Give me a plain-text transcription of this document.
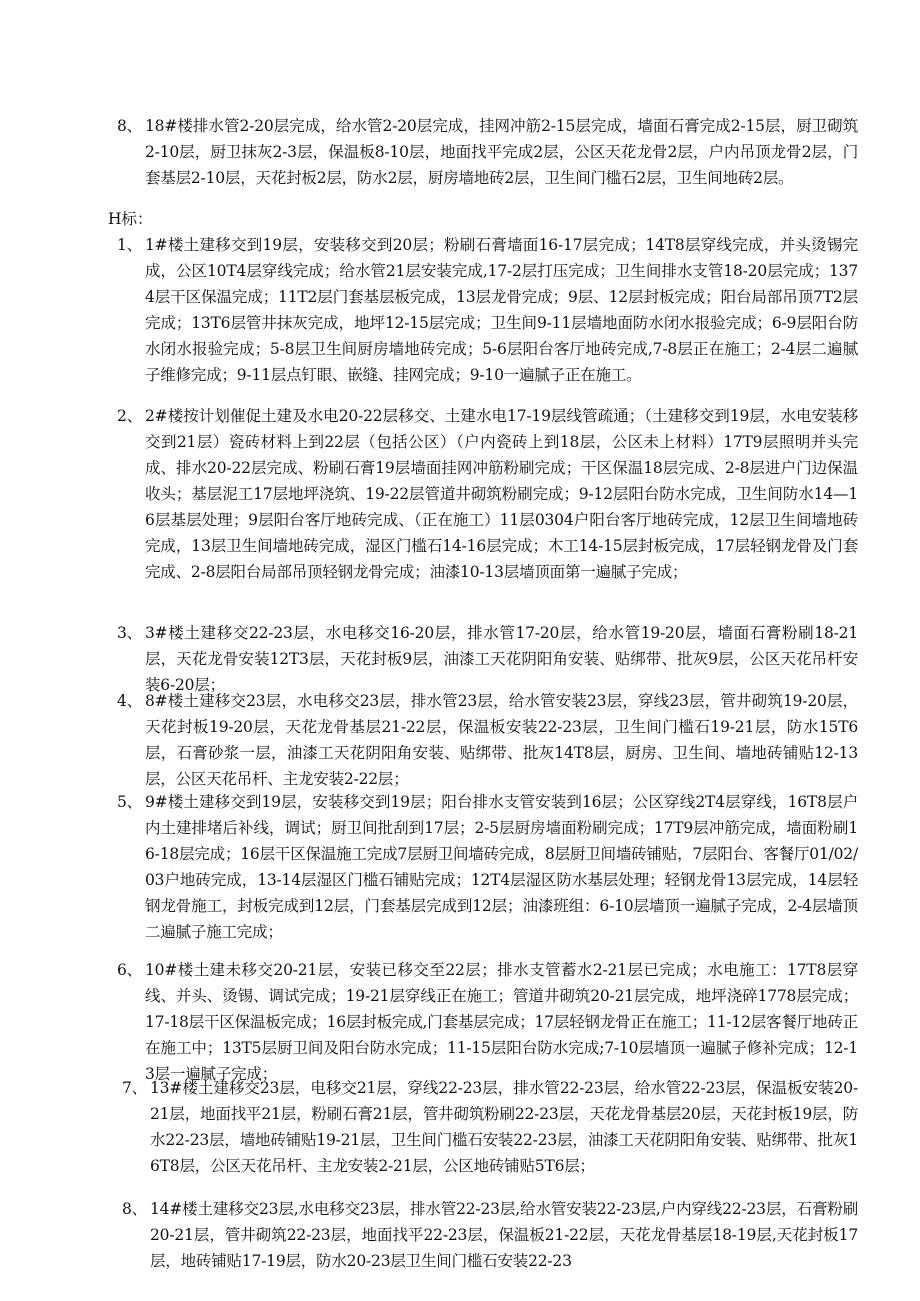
8、 18#楼排水管2-20层完成，给水管2-20层完成，挂网冲筋2-15层完成，墙面石膏完成2-15层，厨卫砌筑2-10层，厨卫抹灰2-3层，保温板8-10层，地面找平完成2层，公区天花龙骨2层，户内吊顶龙骨2层，门套基层2-10层，天花封板2层，防水2层，厨房墙地砖2层，卫生间门槛石2层，卫生间地砖2层。

H标：

1、 1#楼土建移交到19层，安装移交到20层；粉刷石膏墙面16-17层完成；14T8层穿线完成，并头烫锡完成，公区10T4层穿线完成；给水管21层安装完成,17-2层打压完成；卫生间排水支管18-20层完成；1374层干区保温完成；11T2层门套基层板完成，13层龙骨完成；9层、12层封板完成；阳台局部吊顶7T2层完成；13T6层管井抹灰完成，地坪12-15层完成；卫生间9-11层墙地面防水闭水报验完成；6-9层阳台防水闭水报验完成；5-8层卫生间厨房墙地砖完成；5-6层阳台客厅地砖完成,7-8层正在施工；2-4层二遍腻子维修完成；9-11层点钉眼、嵌缝、挂网完成；9-10一遍腻子正在施工。

2、 2#楼按计划催促土建及水电20-22层移交、土建水电17-19层线管疏通；（土建移交到19层，水电安装移交到21层）瓷砖材料上到22层（包括公区）（户内瓷砖上到18层，公区未上材料）17T9层照明并头完成、排水20-22层完成、粉刷石膏19层墙面挂网冲筋粉刷完成；干区保温18层完成、2-8层进户门边保温收头；基层泥工17层地坪浇筑、19-22层管道井砌筑粉刷完成；9-12层阳台防水完成，卫生间防水14—16层基层处理；9层阳台客厅地砖完成、（正在施工）11层0304户阳台客厅地砖完成，12层卫生间墙地砖完成，13层卫生间墙地砖完成，湿区门槛石14-16层完成；木工14-15层封板完成，17层轻钢龙骨及门套完成、2-8层阳台局部吊顶轻钢龙骨完成；油漆10-13层墙顶面第一遍腻子完成；

3、 3#楼土建移交22-23层，水电移交16-20层，排水管17-20层，给水管19-20层，墙面石膏粉刷18-21层，天花龙骨安装12T3层，天花封板9层，油漆工天花阴阳角安装、贴绑带、批灰9层，公区天花吊杆安装6-20层；

4、 8#楼土建移交23层，水电移交23层，排水管23层，给水管安装23层，穿线23层，管井砌筑19-20层，天花封板19-20层，天花龙骨基层21-22层，保温板安装22-23层，卫生间门槛石19-21层，防水15T6层，石膏砂浆一层，油漆工天花阴阳角安装、贴绑带、批灰14T8层，厨房、卫生间、墙地砖铺贴12-13层，公区天花吊杆、主龙安装2-22层；

5、 9#楼土建移交到19层，安装移交到19层；阳台排水支管安装到16层；公区穿线2T4层穿线，16T8层户内土建排堵后补线，调试；厨卫间批刮到17层；2-5层厨房墙面粉刷完成；17T9层冲筋完成，墙面粉刷16-18层完成；16层干区保温施工完成7层厨卫间墙砖完成，8层厨卫间墙砖铺贴，7层阳台、客餐厅01/02/03户地砖完成，13-14层湿区门槛石铺贴完成；12T4层湿区防水基层处理；轻钢龙骨13层完成，14层轻钢龙骨施工，封板完成到12层，门套基层完成到12层；油漆班组：6-10层墙顶一遍腻子完成，2-4层墙顶二遍腻子施工完成；

6、 10#楼土建未移交20-21层，安装已移交至22层；排水支管蓄水2-21层已完成；水电施工：17T8层穿线、并头、烫锡、调试完成；19-21层穿线正在施工；管道井砌筑20-21层完成，地坪浇碎1778层完成；17-18层干区保温板完成；16层封板完成,门套基层完成；17层轻钢龙骨正在施工；11-12层客餐厅地砖正在施工中；13T5层厨卫间及阳台防水完成；11-15层阳台防水完成;7-10层墙顶一遍腻子修补完成；12-13层一遍腻子完成；

7、 13#楼土建移交23层，电移交21层，穿线22-23层，排水管22-23层，给水管22-23层，保温板安装20-21层，地面找平21层，粉刷石膏21层，管井砌筑粉刷22-23层，天花龙骨基层20层，天花封板19层，防水22-23层，墙地砖铺贴19-21层，卫生间门槛石安装22-23层，油漆工天花阴阳角安装、贴绑带、批灰16T8层，公区天花吊杆、主龙安装2-21层，公区地砖铺贴5T6层；

8、 14#楼土建移交23层,水电移交23层，排水管22-23层,给水管安装22-23层,户内穿线22-23层，石膏粉刷20-21层，管井砌筑22-23层，地面找平22-23层，保温板21-22层，天花龙骨基层18-19层,天花封板17层，地砖铺贴17-19层，防水20-23层卫生间门槛石安装22-23
